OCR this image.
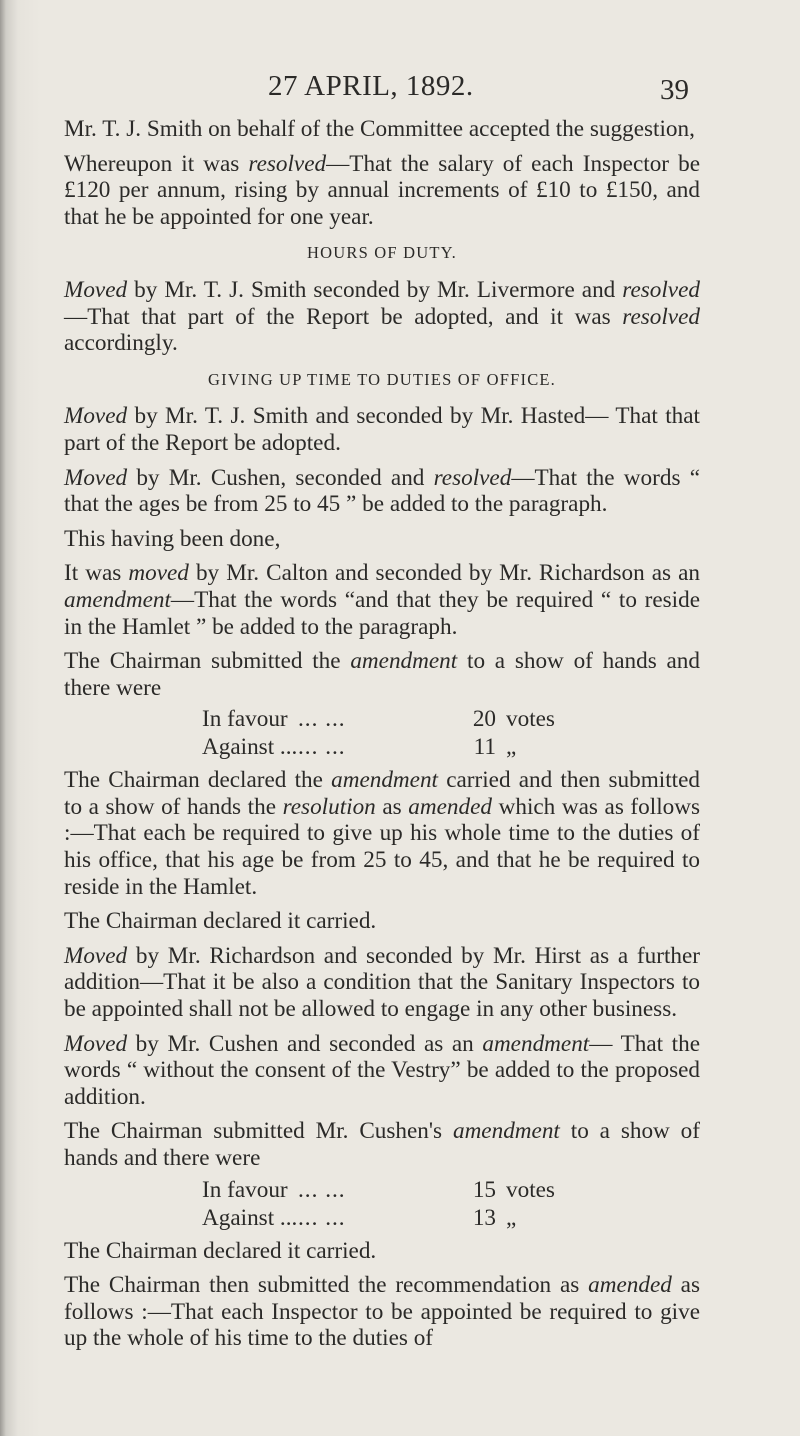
27 APRIL, 1892.	39

Mr. T. J. Smith on behalf of the Committee accepted the suggestion,

Whereupon it was resolved—That the salary of each Inspector be £120 per annum, rising by annual increments of £10 to £150, and that he be appointed for one year.

HOURS OF DUTY.

Moved by Mr. T. J. Smith seconded by Mr. Livermore and resolved—That that part of the Report be adopted, and it was resolved accordingly.

GIVING UP TIME TO DUTIES OF OFFICE.

Moved by Mr. T. J. Smith and seconded by Mr. Hasted— That that part of the Report be adopted.

Moved by Mr. Cushen, seconded and resolved—That the words “ that the ages be from 25 to 45 ” be added to the paragraph.

This having been done,

It was moved by Mr. Calton and seconded by Mr. Richardson as an amendment—That the words “and that they be required “ to reside in the Hamlet ” be added to the paragraph.

The Chairman submitted the amendment to a show of hands and there were

In favour ... ...	20 votes
Against ... ... ...	11 „

The Chairman declared the amendment carried and then submitted to a show of hands the resolution as amended which was as follows :—That each be required to give up his whole time to the duties of his office, that his age be from 25 to 45, and that he be required to reside in the Hamlet.

The Chairman declared it carried.

Moved by Mr. Richardson and seconded by Mr. Hirst as a further addition—That it be also a condition that the Sanitary Inspectors to be appointed shall not be allowed to engage in any other business.

Moved by Mr. Cushen and seconded as an amendment— That the words “ without the consent of the Vestry” be added to the proposed addition.

The Chairman submitted Mr. Cushen's amendment to a show of hands and there were

In favour ... ...	15 votes
Against ... ... ...	13 „

The Chairman declared it carried.

The Chairman then submitted the recommendation as amended as follows :—That each Inspector to be appointed be required to give up the whole of his time to the duties of
